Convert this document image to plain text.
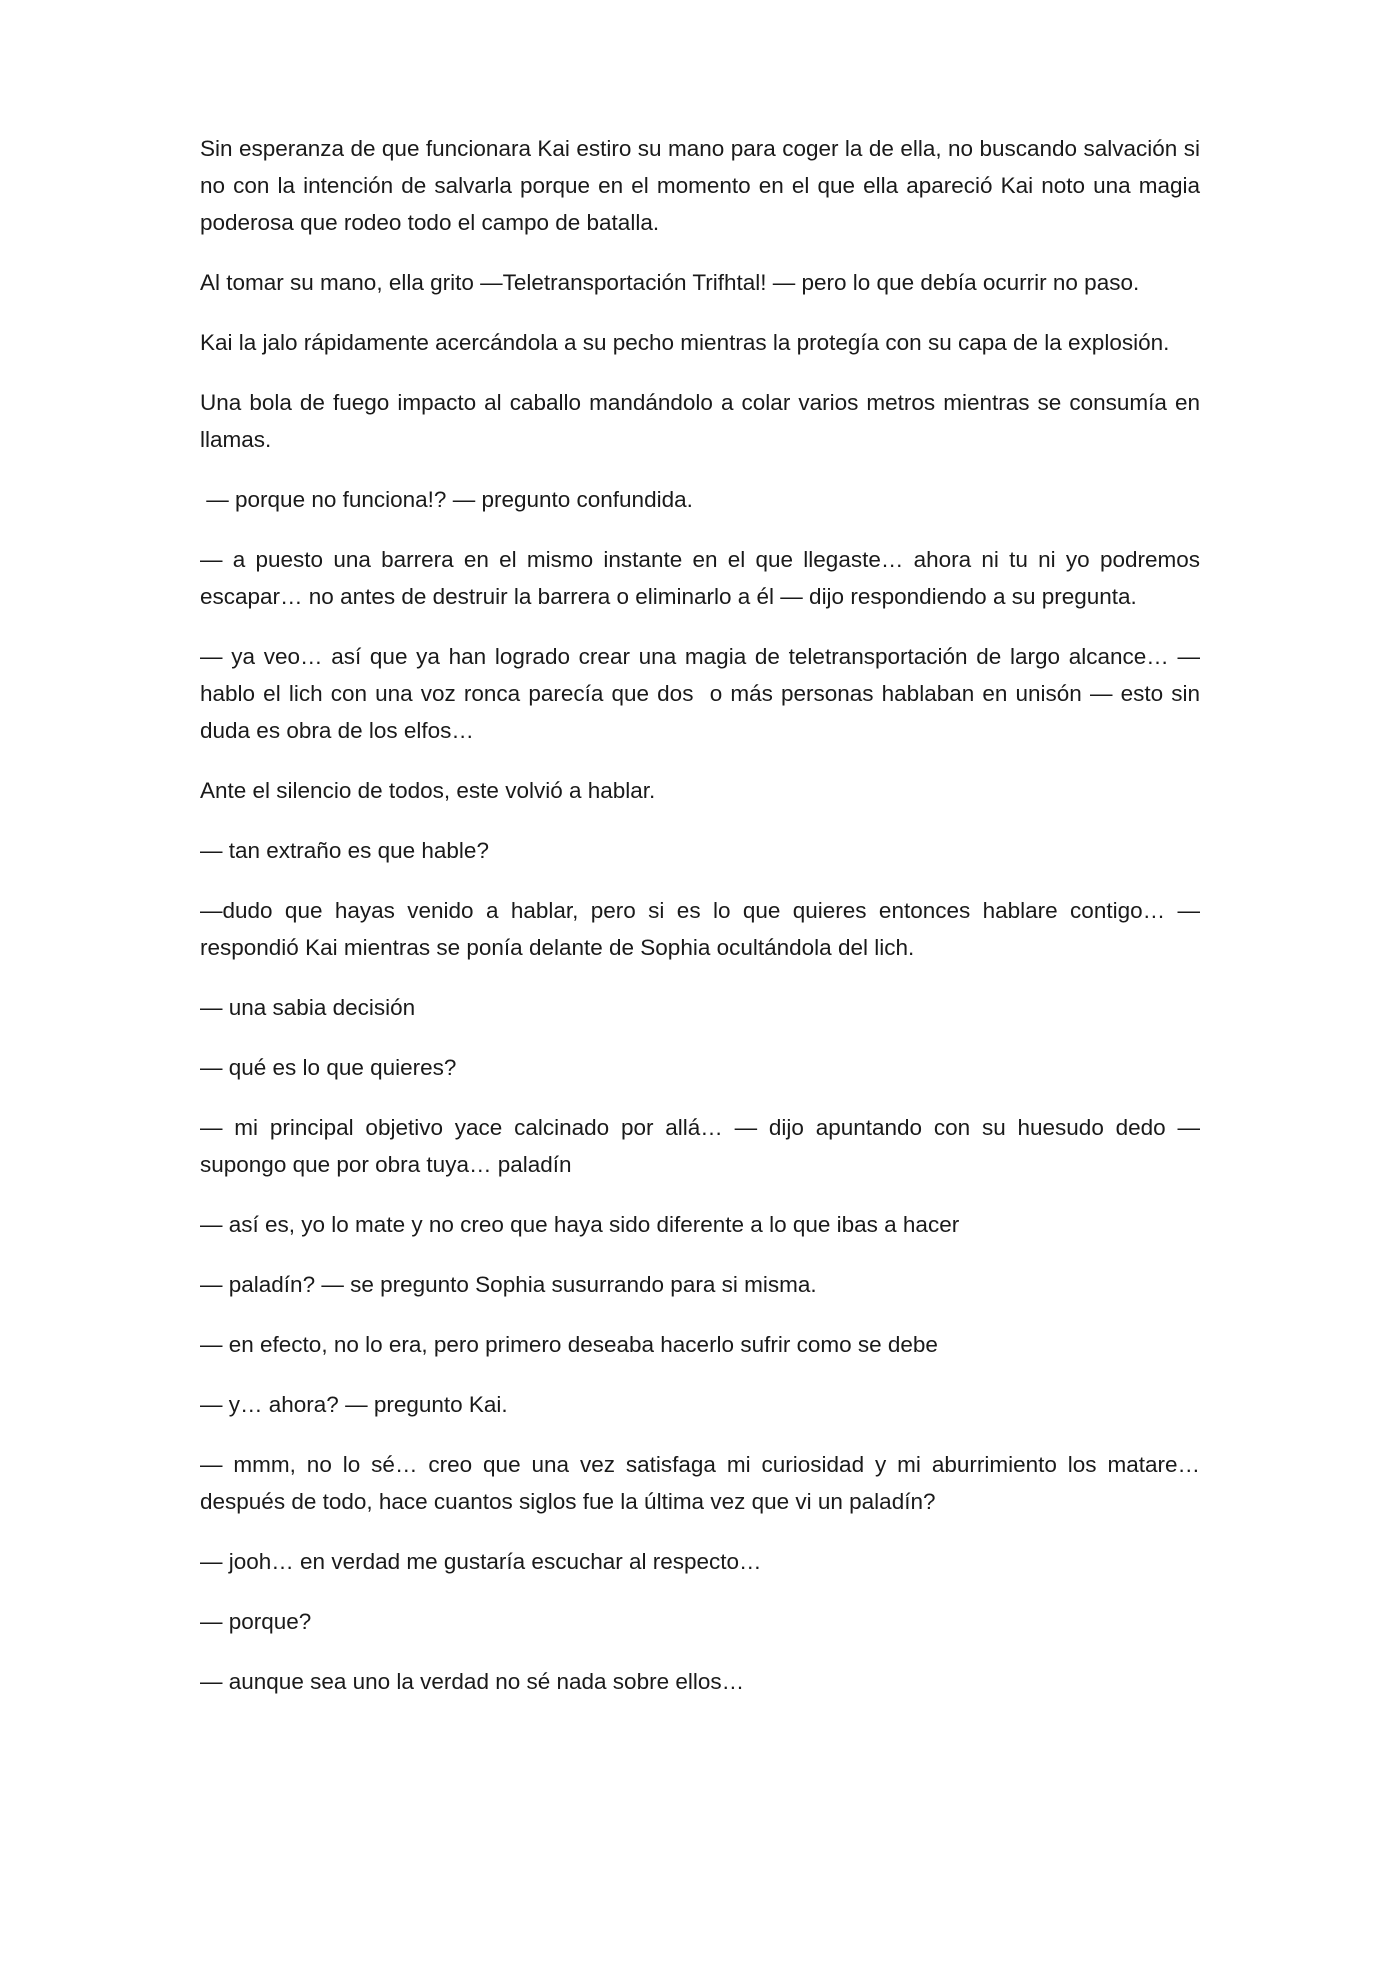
Sin esperanza de que funcionara Kai estiro su mano para coger la de ella, no buscando salvación si no con la intención de salvarla porque en el momento en el que ella apareció Kai noto una magia poderosa que rodeo todo el campo de batalla.

Al tomar su mano, ella grito —Teletransportación Trifhtal! — pero lo que debía ocurrir no paso.

Kai la jalo rápidamente acercándola a su pecho mientras la protegía con su capa de la explosión.

Una bola de fuego impacto al caballo mandándolo a colar varios metros mientras se consumía en llamas.

— porque no funciona!? — pregunto confundida.

— a puesto una barrera en el mismo instante en el que llegaste… ahora ni tu ni yo podremos escapar… no antes de destruir la barrera o eliminarlo a él — dijo respondiendo a su pregunta.

— ya veo… así que ya han logrado crear una magia de teletransportación de largo alcance… — hablo el lich con una voz ronca parecía que dos  o más personas hablaban en unisón — esto sin duda es obra de los elfos…

Ante el silencio de todos, este volvió a hablar.

— tan extraño es que hable?

—dudo que hayas venido a hablar, pero si es lo que quieres entonces hablare contigo… — respondió Kai mientras se ponía delante de Sophia ocultándola del lich.

— una sabia decisión

— qué es lo que quieres?

— mi principal objetivo yace calcinado por allá… — dijo apuntando con su huesudo dedo — supongo que por obra tuya… paladín

— así es, yo lo mate y no creo que haya sido diferente a lo que ibas a hacer

— paladín? — se pregunto Sophia susurrando para si misma.

— en efecto, no lo era, pero primero deseaba hacerlo sufrir como se debe

— y… ahora? — pregunto Kai.

— mmm, no lo sé… creo que una vez satisfaga mi curiosidad y mi aburrimiento los matare… después de todo, hace cuantos siglos fue la última vez que vi un paladín?

— jooh… en verdad me gustaría escuchar al respecto…

— porque?

— aunque sea uno la verdad no sé nada sobre ellos…
